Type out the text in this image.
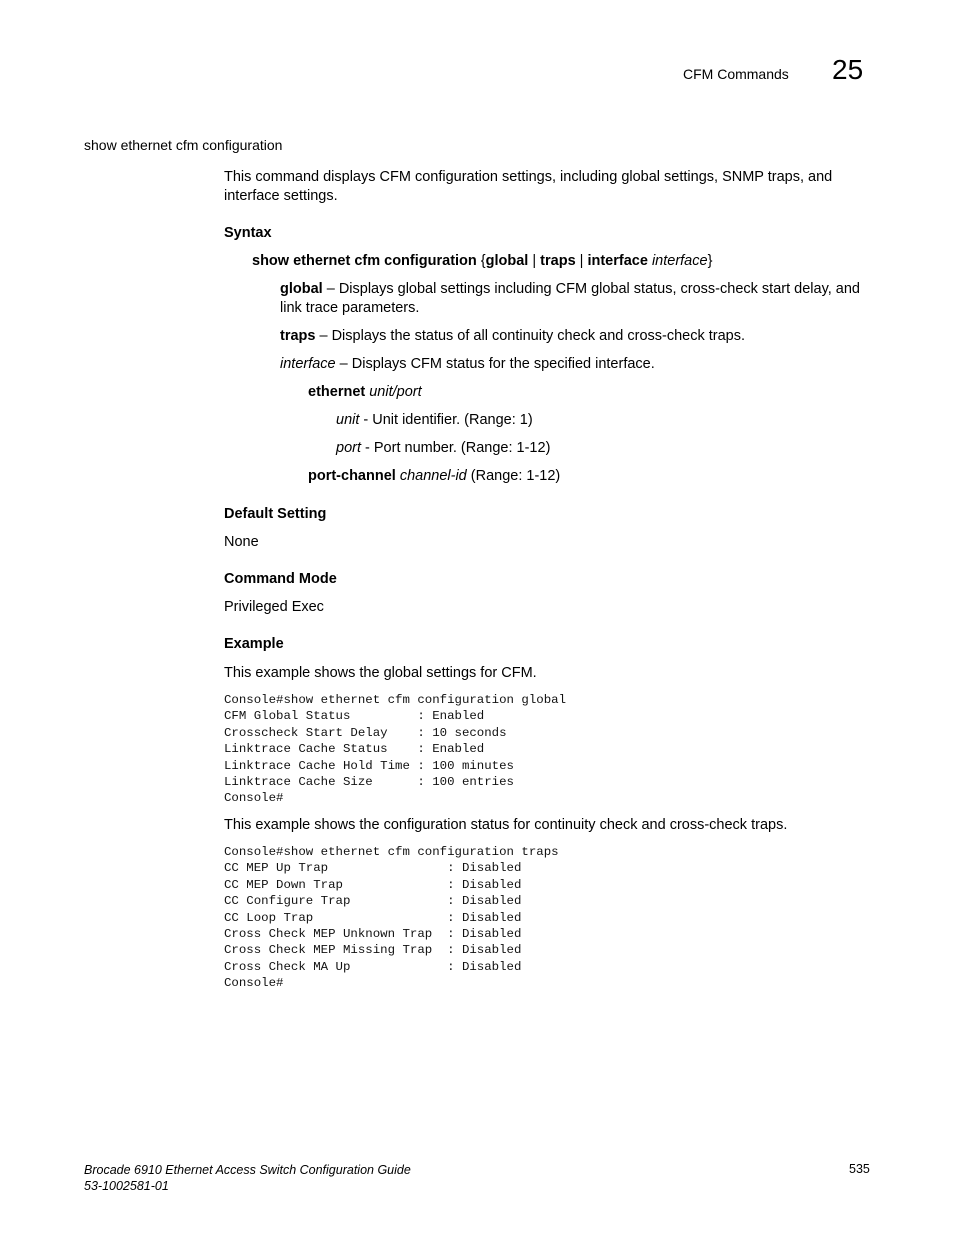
CFM Commands 25
show ethernet cfm configuration
This command displays CFM configuration settings, including global settings, SNMP traps, and interface settings.
Syntax
show ethernet cfm configuration {global | traps | interface interface}
global – Displays global settings including CFM global status, cross-check start delay, and link trace parameters.
traps – Displays the status of all continuity check and cross-check traps.
interface – Displays CFM status for the specified interface.
ethernet unit/port
unit - Unit identifier. (Range: 1)
port - Port number. (Range: 1-12)
port-channel channel-id (Range: 1-12)
Default Setting
None
Command Mode
Privileged Exec
Example
This example shows the global settings for CFM.
Console#show ethernet cfm configuration global
CFM Global Status         : Enabled
Crosscheck Start Delay    : 10 seconds
Linktrace Cache Status    : Enabled
Linktrace Cache Hold Time : 100 minutes
Linktrace Cache Size      : 100 entries
Console#
This example shows the configuration status for continuity check and cross-check traps.
Console#show ethernet cfm configuration traps
CC MEP Up Trap                : Disabled
CC MEP Down Trap              : Disabled
CC Configure Trap             : Disabled
CC Loop Trap                  : Disabled
Cross Check MEP Unknown Trap  : Disabled
Cross Check MEP Missing Trap  : Disabled
Cross Check MA Up             : Disabled
Console#
Brocade 6910 Ethernet Access Switch Configuration Guide
53-1002581-01
535
